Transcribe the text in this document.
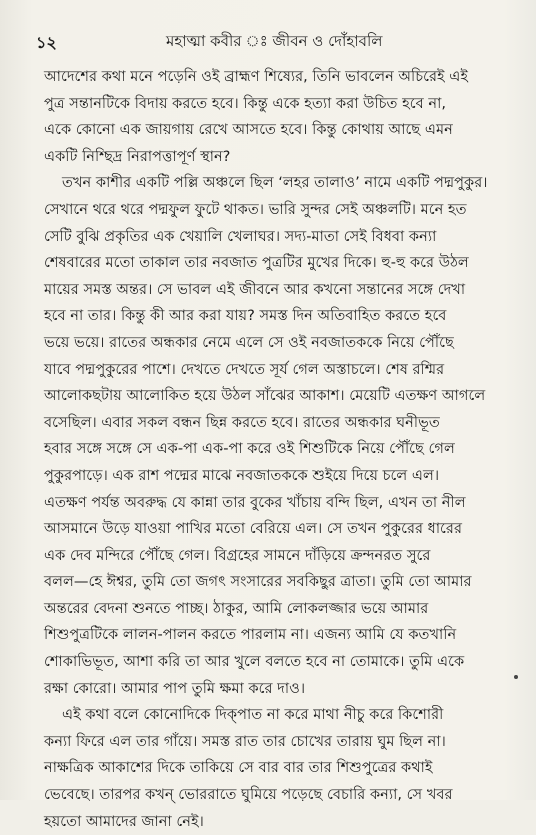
১২	মহাত্মা কবীর ঃ জীবন ও দোঁহাবলি
আদেশের কথা মনে পড়েনি ওই ব্রাহ্মণ শিষ্যের, তিনি ভাবলেন অচিরেই এই
পুত্র সন্তানটিকে বিদায় করতে হবে। কিন্তু একে হত্যা করা উচিত হবে না,
একে কোনো এক জায়গায় রেখে আসতে হবে। কিন্তু কোথায় আছে এমন
একটি নিশ্ছিদ্র নিরাপত্তাপূর্ণ স্থান?
তখন কাশীর একটি পল্লি অঞ্চলে ছিল ‘লহর তালাও’ নামে একটি পদ্মপুকুর।
সেখানে থরে থরে পদ্মফুল ফুটে থাকত। ভারি সুন্দর সেই অঞ্চলটি। মনে হত
সেটি বুঝি প্রকৃতির এক খেয়ালি খেলাঘর। সদ্য-মাতা সেই বিধবা কন্যা
শেষবারের মতো তাকাল তার নবজাত পুত্রটির মুখের দিকে। হু-হু করে উঠল
মায়ের সমস্ত অন্তর। সে ভাবল এই জীবনে আর কখনো সন্তানের সঙ্গে দেখা
হবে না তার। কিন্তু কী আর করা যায়? সমস্ত দিন অতিবাহিত করতে হবে
ভয়ে ভয়ে। রাতের অন্ধকার নেমে এলে সে ওই নবজাতককে নিয়ে পৌঁছে
যাবে পদ্মপুকুরের পাশে। দেখতে দেখতে সূর্য গেল অস্তাচলে। শেষ রশ্মির
আলোকছটায় আলোকিত হয়ে উঠল সাঁঝের আকাশ। মেয়েটি এতক্ষণ আগলে
বসেছিল। এবার সকল বন্ধন ছিন্ন করতে হবে। রাতের অন্ধকার ঘনীভূত
হবার সঙ্গে সঙ্গে সে এক-পা এক-পা করে ওই শিশুটিকে নিয়ে পৌঁছে গেল
পুকুরপাড়ে। এক রাশ পদ্মের মাঝে নবজাতককে শুইয়ে দিয়ে চলে এল।
এতক্ষণ পর্যন্ত অবরুদ্ধ যে কান্না তার বুকের খাঁচায় বন্দি ছিল, এখন তা নীল
আসমানে উড়ে যাওয়া পাখির মতো বেরিয়ে এল। সে তখন পুকুরের ধারের
এক দেব মন্দিরে পৌঁছে গেল। বিগ্রহের সামনে দাঁড়িয়ে ক্রন্দনরত সুরে
বলল—হে ঈশ্বর, তুমি তো জগৎ সংসারের সবকিছুর ত্রাতা। তুমি তো আমার
অন্তরের বেদনা শুনতে পাচ্ছ। ঠাকুর, আমি লোকলজ্জার ভয়ে আমার
শিশুপুত্রটিকে লালন-পালন করতে পারলাম না। এজন্য আমি যে কতখানি
শোকাভিভূত, আশা করি তা আর খুলে বলতে হবে না তোমাকে। তুমি একে
রক্ষা কোরো। আমার পাপ তুমি ক্ষমা করে দাও।
এই কথা বলে কোনোদিকে দিক্‌পাত না করে মাথা নীচু করে কিশোরী
কন্যা ফিরে এল তার গাঁয়ে। সমস্ত রাত তার চোখের তারায় ঘুম ছিল না।
নাক্ষত্রিক আকাশের দিকে তাকিয়ে সে বার বার তার শিশুপুত্রের কথাই
ভেবেছে। তারপর কখন্‌ ভোররাতে ঘুমিয়ে পড়েছে বেচারি কন্যা, সে খবর
হয়তো আমাদের জানা নেই।
